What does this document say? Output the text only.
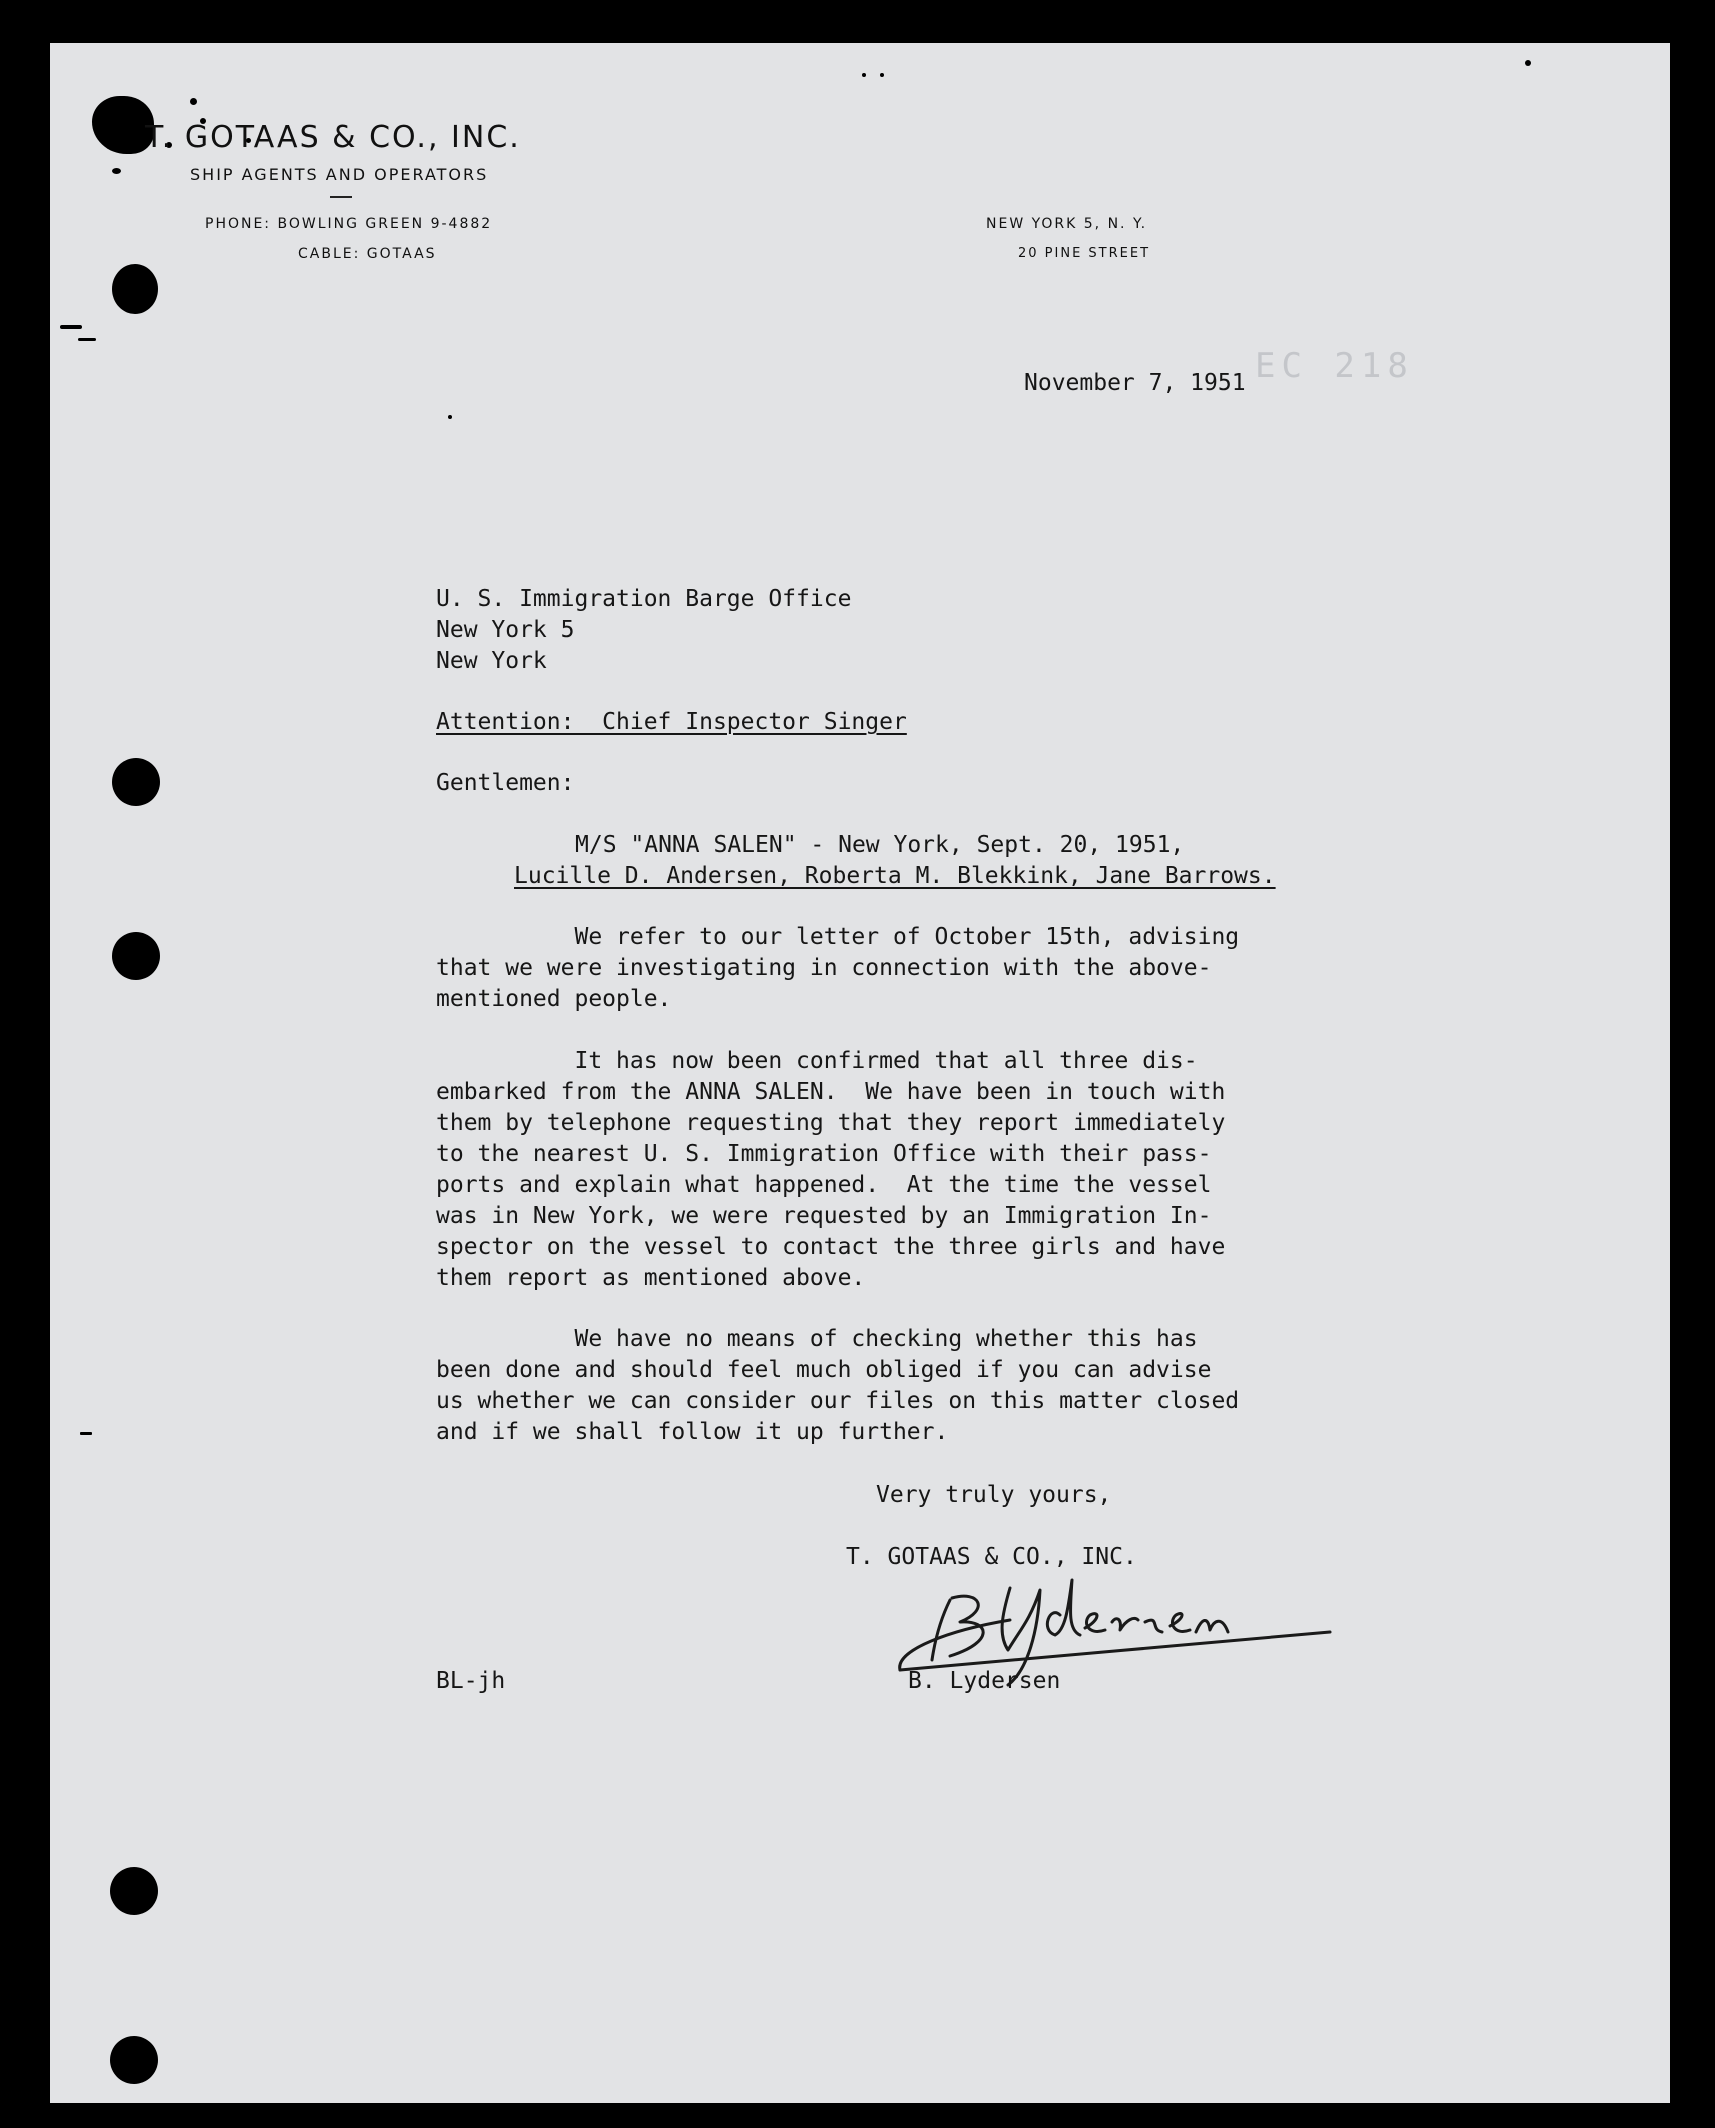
T. GOTAAS & CO., INC.
SHIP AGENTS AND OPERATORS
PHONE: BOWLING GREEN 9-4882
CABLE: GOTAAS
NEW YORK 5, N. Y.
20 PINE STREET
EC 218
November 7, 1951
U. S. Immigration Barge Office
New York 5
New York
Attention:  Chief Inspector Singer
Gentlemen:
M/S "ANNA SALEN" - New York, Sept. 20, 1951,
Lucille D. Andersen, Roberta M. Blekkink, Jane Barrows.
We refer to our letter of October 15th, advising
that we were investigating in connection with the above-
mentioned people.
It has now been confirmed that all three dis-
embarked from the ANNA SALEN.  We have been in touch with
them by telephone requesting that they report immediately
to the nearest U. S. Immigration Office with their pass-
ports and explain what happened.  At the time the vessel
was in New York, we were requested by an Immigration In-
spector on the vessel to contact the three girls and have
them report as mentioned above.
We have no means of checking whether this has
been done and should feel much obliged if you can advise
us whether we can consider our files on this matter closed
and if we shall follow it up further.
Very truly yours,
T. GOTAAS & CO., INC.
B. Lydersen
BL-jh
